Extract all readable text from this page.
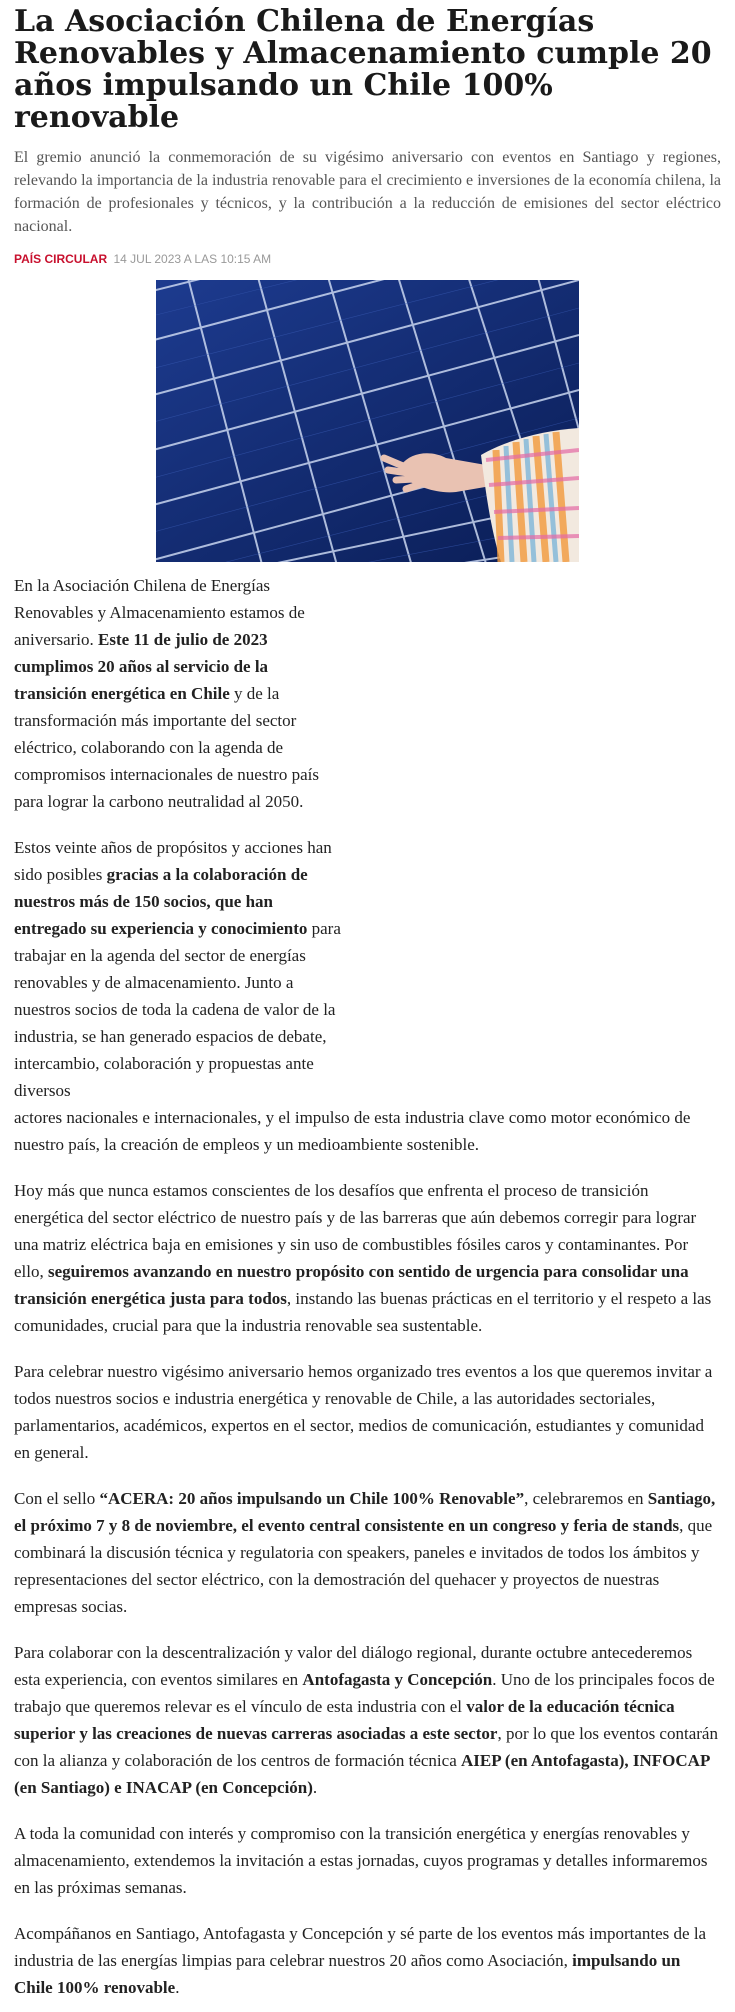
La Asociación Chilena de Energías Renovables y Almacenamiento cumple 20 años impulsando un Chile 100% renovable
El gremio anunció la conmemoración de su vigésimo aniversario con eventos en Santiago y regiones, relevando la importancia de la industria renovable para el crecimiento e inversiones de la economía chilena, la formación de profesionales y técnicos, y la contribución a la reducción de emisiones del sector eléctrico nacional.
PAÍS CIRCULAR 14 JUL 2023 A LAS 10:15 AM

En la Asociación Chilena de Energías Renovables y Almacenamiento estamos de aniversario. Este 11 de julio de 2023 cumplimos 20 años al servicio de la transición energética en Chile y de la transformación más importante del sector eléctrico, colaborando con la agenda de compromisos internacionales de nuestro país para lograr la carbono neutralidad al 2050.

Estos veinte años de propósitos y acciones han sido posibles gracias a la colaboración de nuestros más de 150 socios, que han entregado su experiencia y conocimiento para trabajar en la agenda del sector de energías renovables y de almacenamiento. Junto a nuestros socios de toda la cadena de valor de la industria, se han generado espacios de debate, intercambio, colaboración y propuestas ante diversos
actores nacionales e internacionales, y el impulso de esta industria clave como motor económico de nuestro país, la creación de empleos y un medioambiente sostenible.

Hoy más que nunca estamos conscientes de los desafíos que enfrenta el proceso de transición energética del sector eléctrico de nuestro país y de las barreras que aún debemos corregir para lograr una matriz eléctrica baja en emisiones y sin uso de combustibles fósiles caros y contaminantes. Por ello, seguiremos avanzando en nuestro propósito con sentido de urgencia para consolidar una transición energética justa para todos, instando las buenas prácticas en el territorio y el respeto a las comunidades, crucial para que la industria renovable sea sustentable.

Para celebrar nuestro vigésimo aniversario hemos organizado tres eventos a los que queremos invitar a todos nuestros socios e industria energética y renovable de Chile, a las autoridades sectoriales, parlamentarios, académicos, expertos en el sector, medios de comunicación, estudiantes y comunidad en general.

Con el sello “ACERA: 20 años impulsando un Chile 100% Renovable”, celebraremos en Santiago, el próximo 7 y 8 de noviembre, el evento central consistente en un congreso y feria de stands, que combinará la discusión técnica y regulatoria con speakers, paneles e invitados de todos los ámbitos y representaciones del sector eléctrico, con la demostración del quehacer y proyectos de nuestras empresas socias.

Para colaborar con la descentralización y valor del diálogo regional, durante octubre antecederemos esta experiencia, con eventos similares en Antofagasta y Concepción. Uno de los principales focos de trabajo que queremos relevar es el vínculo de esta industria con el valor de la educación técnica superior y las creaciones de nuevas carreras asociadas a este sector, por lo que los eventos contarán con la alianza y colaboración de los centros de formación técnica AIEP (en Antofagasta), INFOCAP (en Santiago) e INACAP (en Concepción).

A toda la comunidad con interés y compromiso con la transición energética y energías renovables y almacenamiento, extendemos la invitación a estas jornadas, cuyos programas y detalles informaremos en las próximas semanas.

Acompáñanos en Santiago, Antofagasta y Concepción y sé parte de los eventos más importantes de la industria de las energías limpias para celebrar nuestros 20 años como Asociación, impulsando un Chile 100% renovable.
